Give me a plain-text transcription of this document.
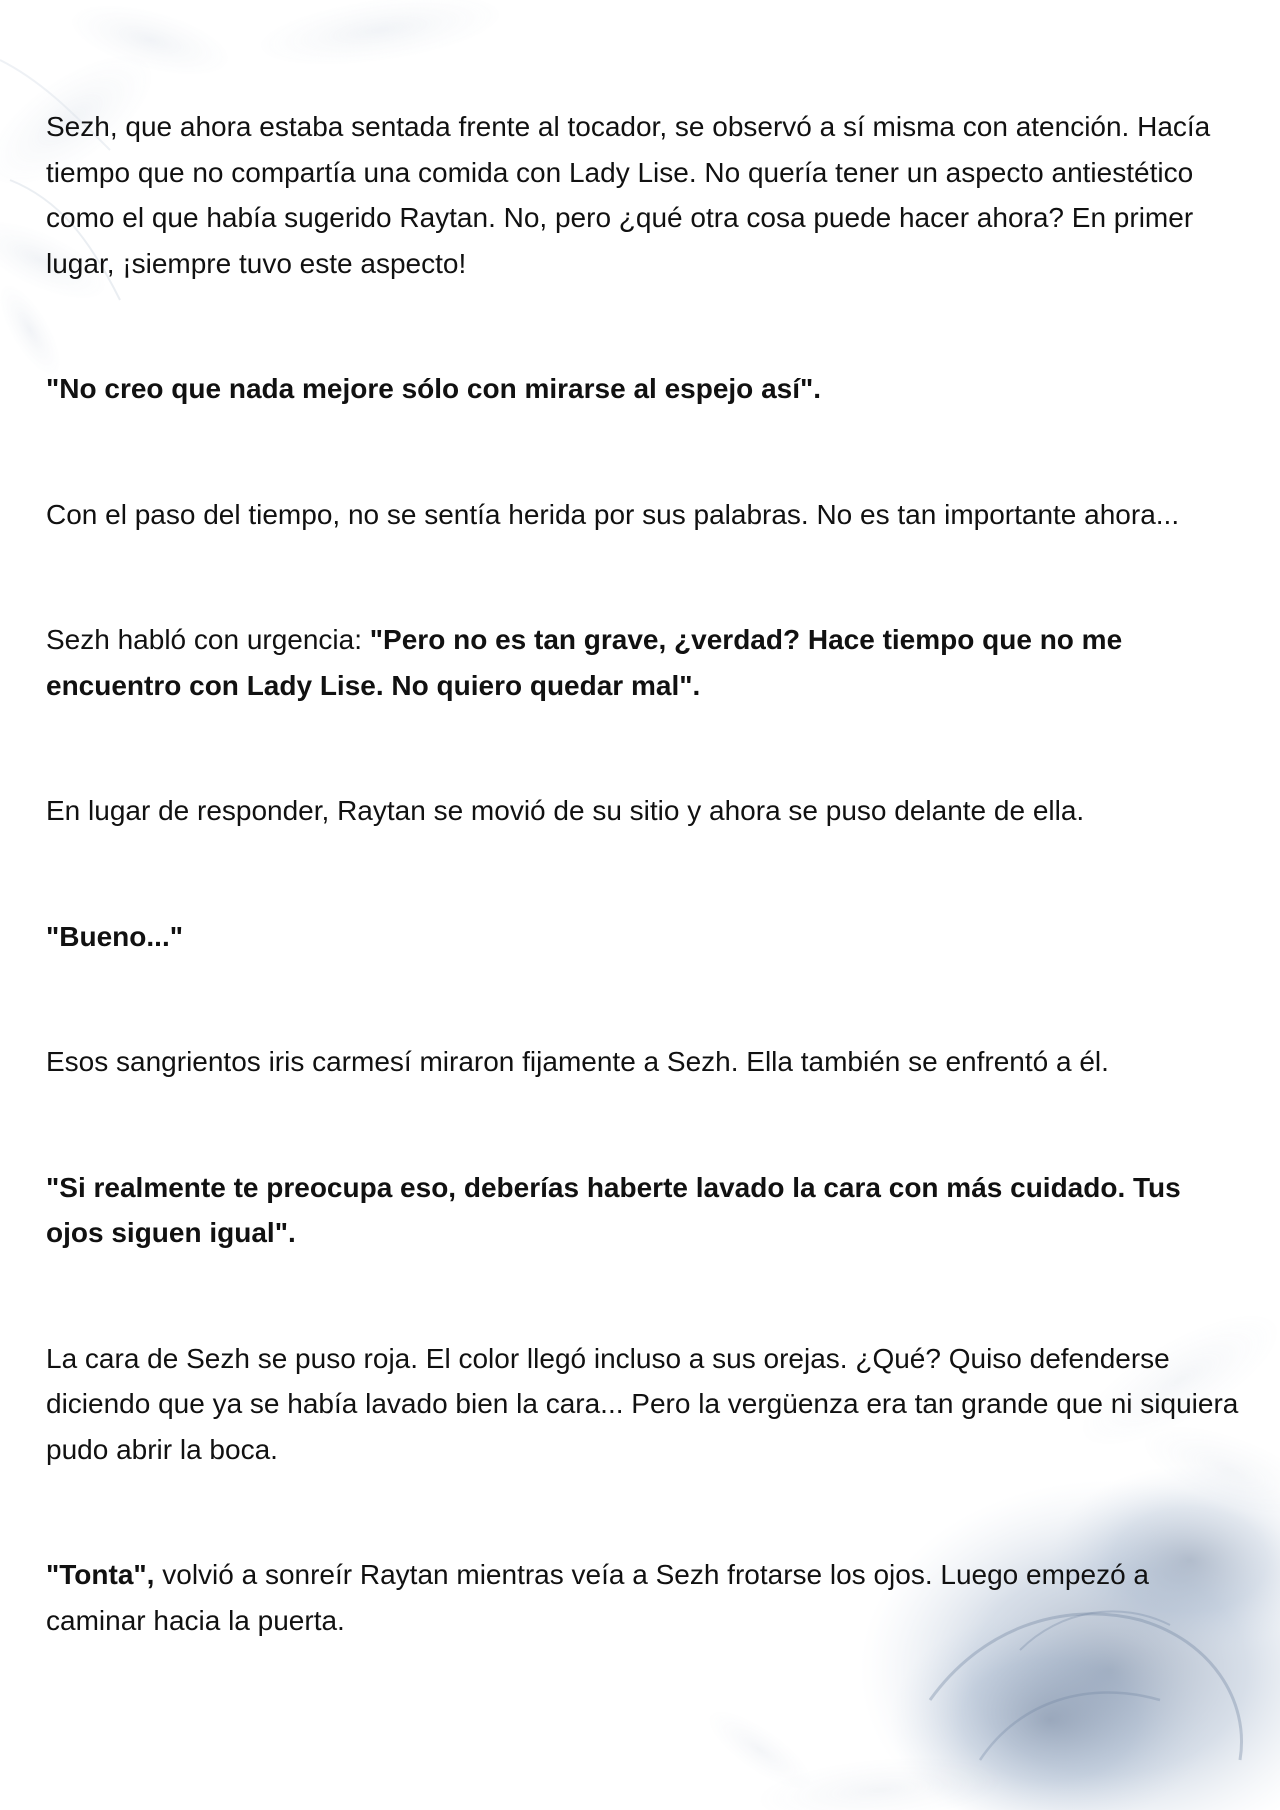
Sezh, que ahora estaba sentada frente al tocador, se observó a sí misma con atención. Hacía tiempo que no compartía una comida con Lady Lise. No quería tener un aspecto antiestético como el que había sugerido Raytan. No, pero ¿qué otra cosa puede hacer ahora? En primer lugar, ¡siempre tuvo este aspecto!

"No creo que nada mejore sólo con mirarse al espejo así".

Con el paso del tiempo, no se sentía herida por sus palabras. No es tan importante ahora...

Sezh habló con urgencia: "Pero no es tan grave, ¿verdad? Hace tiempo que no me encuentro con Lady Lise. No quiero quedar mal".

En lugar de responder, Raytan se movió de su sitio y ahora se puso delante de ella.

"Bueno..."

Esos sangrientos iris carmesí miraron fijamente a Sezh. Ella también se enfrentó a él.

"Si realmente te preocupa eso, deberías haberte lavado la cara con más cuidado. Tus ojos siguen igual".

La cara de Sezh se puso roja. El color llegó incluso a sus orejas. ¿Qué? Quiso defenderse diciendo que ya se había lavado bien la cara... Pero la vergüenza era tan grande que ni siquiera pudo abrir la boca.

"Tonta", volvió a sonreír Raytan mientras veía a Sezh frotarse los ojos. Luego empezó a caminar hacia la puerta.
